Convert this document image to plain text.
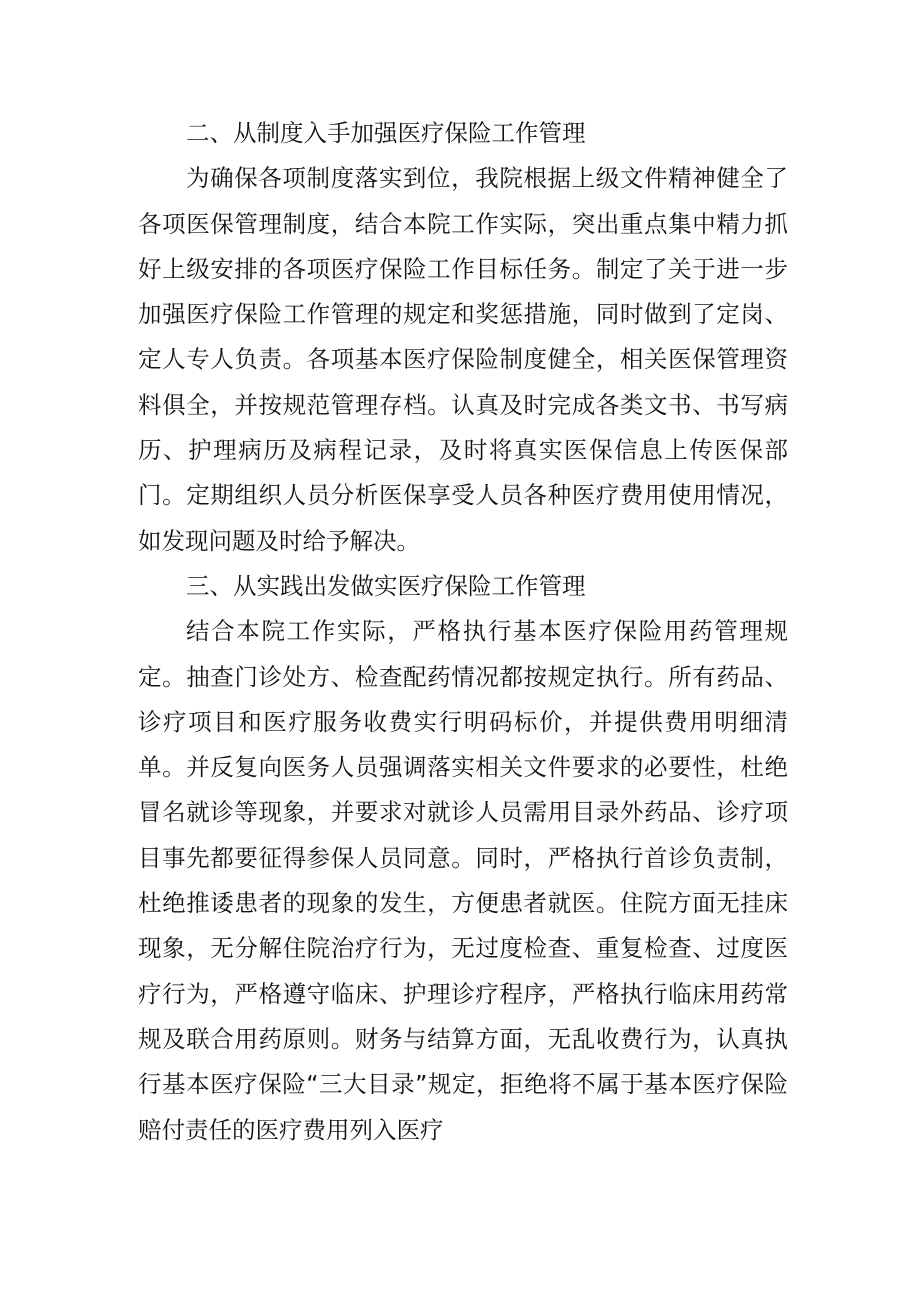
二、从制度入手加强医疗保险工作管理

为确保各项制度落实到位，我院根据上级文件精神健全了各项医保管理制度，结合本院工作实际，突出重点集中精力抓好上级安排的各项医疗保险工作目标任务。制定了关于进一步加强医疗保险工作管理的规定和奖惩措施，同时做到了定岗、定人专人负责。各项基本医疗保险制度健全，相关医保管理资料俱全，并按规范管理存档。认真及时完成各类文书、书写病历、护理病历及病程记录，及时将真实医保信息上传医保部门。定期组织人员分析医保享受人员各种医疗费用使用情况，如发现问题及时给予解决。

三、从实践出发做实医疗保险工作管理

结合本院工作实际，严格执行基本医疗保险用药管理规定。抽查门诊处方、检查配药情况都按规定执行。所有药品、诊疗项目和医疗服务收费实行明码标价，并提供费用明细清单。并反复向医务人员强调落实相关文件要求的必要性，杜绝冒名就诊等现象，并要求对就诊人员需用目录外药品、诊疗项目事先都要征得参保人员同意。同时，严格执行首诊负责制，杜绝推诿患者的现象的发生，方便患者就医。住院方面无挂床现象，无分解住院治疗行为，无过度检查、重复检查、过度医疗行为，严格遵守临床、护理诊疗程序，严格执行临床用药常规及联合用药原则。财务与结算方面，无乱收费行为，认真执行基本医疗保险“三大目录”规定，拒绝将不属于基本医疗保险赔付责任的医疗费用列入医疗
